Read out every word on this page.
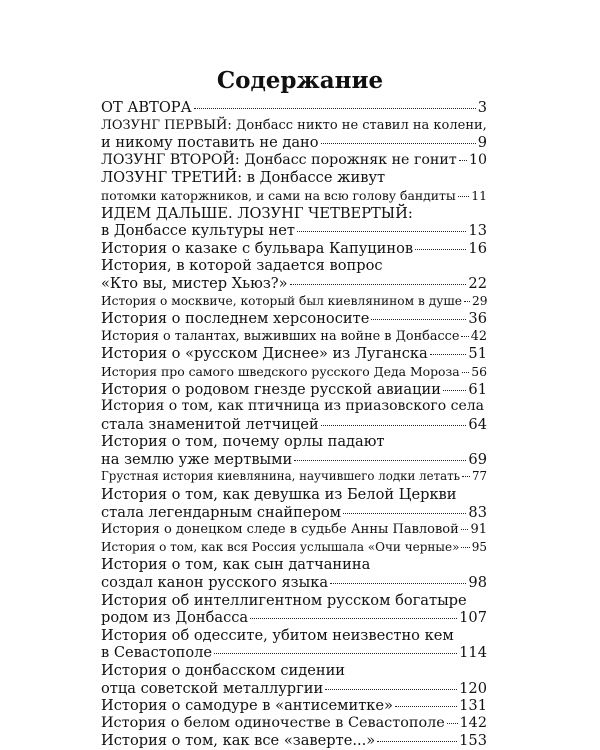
Содержание
ОТ АВТОРА	3
ЛОЗУНГ ПЕРВЫЙ: Донбасс никто не ставил на колени,
и никому поставить не дано	9
ЛОЗУНГ ВТОРОЙ: Донбасс порожняк не гонит 10
ЛОЗУНГ ТРЕТИЙ: в Донбассе живут
потомки каторжников, и сами на всю голову бандиты 11
ИДЕМ ДАЛЬШЕ. ЛОЗУНГ ЧЕТВЕРТЫЙ:
в Донбассе культуры нет	13
История о казаке с бульвара Капуцинов	16
История, в которой задается вопрос
«Кто вы, мистер Хьюз?»	22
История о москвиче, который был киевлянином в душе 29
История о последнем херсоносите	36
История о талантах, выживших на войне в Донбассе 42
История о «русском Диснее» из Луганска	51
История про самого шведского русского Деда Мороза 56
История о родовом гнезде русской авиации 61
История о том, как птичница из приазовского села
стала знаменитой летчицей	64
История о том, почему орлы падают
на землю уже мертвыми	69
Грустная история киевлянина, научившего лодки летать 77
История о том, как девушка из Белой Церкви
стала легендарным снайпером	83
История о донецком следе в судьбе Анны Павловой 91
История о том, как вся Россия услышала «Очи черные» 95
История о том, как сын датчанина
создал канон русского языка	98
История об интеллигентном русском богатыре
родом из Донбасса	107
История об одессите, убитом неизвестно кем
в Севастополе	114
История о донбасском сидении
отца советской металлургии	120
История о самодуре в «антисемитке»	131
История о белом одиночестве в Севастополе 142
История о том, как все «заверте...»	153
